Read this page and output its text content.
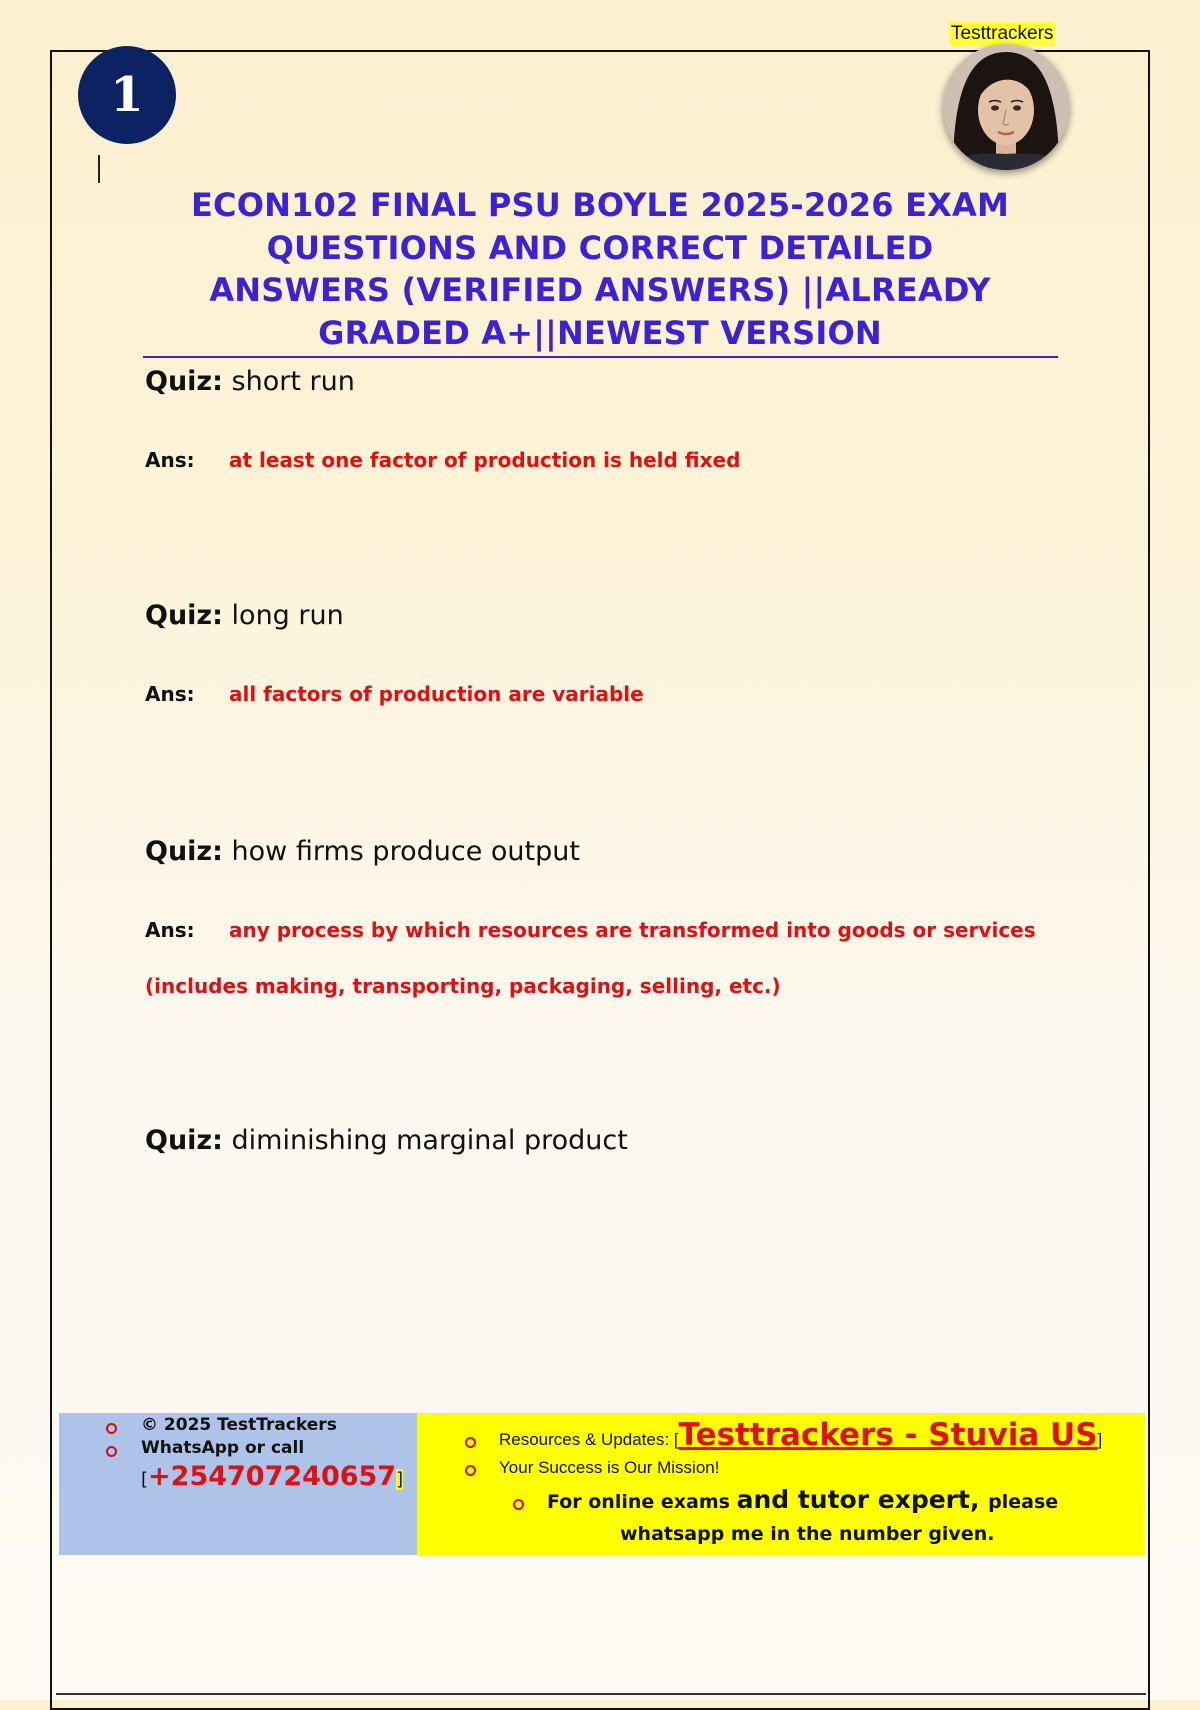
Testtrackers
1
ECON102 FINAL PSU BOYLE 2025-2026 EXAM
QUESTIONS AND CORRECT DETAILED
ANSWERS (VERIFIED ANSWERS) ||ALREADY
GRADED A+||NEWEST VERSION
Quiz: short run
Ans: at least one factor of production is held fixed
Quiz: long run
Ans: all factors of production are variable
Quiz: how firms produce output
Ans: any process by which resources are transformed into goods or services
(includes making, transporting, packaging, selling, etc.)
Quiz: diminishing marginal product
© 2025 TestTrackers
WhatsApp or call
[+254707240657]
Resources & Updates: [Testtrackers - Stuvia US]
Your Success is Our Mission!
For online exams and tutor expert, please
whatsapp me in the number given.
